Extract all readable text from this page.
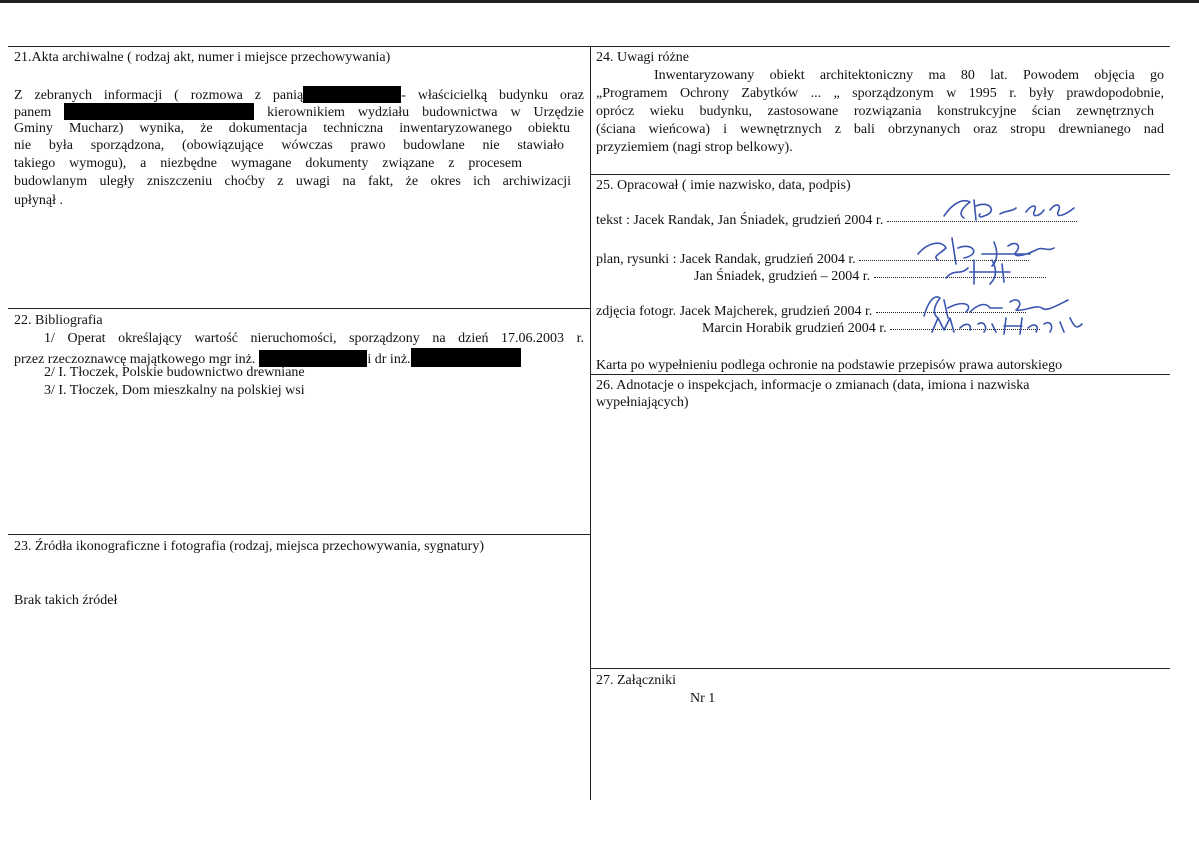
21.Akta archiwalne ( rodzaj akt, numer i miejsce przechowywania)
Z zebranych informacji ( rozmowa z panią	- właścicielką budynku oraz
panem	kierownikiem wydziału budownictwa w Urzędzie
Gminy Mucharz) wynika, że dokumentacja techniczna inwentaryzowanego obiektu
nie była sporządzona, (obowiązujące wówczas prawo budowlane nie stawiało
takiego wymogu), a niezbędne wymagane dokumenty związane z procesem
budowlanym uległy zniszczeniu choćby z uwagi na fakt, że okres ich archiwizacji
upłynął .
22. Bibliografia
1/ Operat określający wartość nieruchomości, sporządzony na dzień 17.06.2003 r.
przez rzeczoznawcę majątkowego mgr inż.	i dr inż.
2/ I. Tłoczek, Polskie budownictwo drewniane
3/ I. Tłoczek, Dom mieszkalny na polskiej wsi
23. Źródła ikonograficzne i fotografia (rodzaj, miejsca przechowywania, sygnatury)
Brak takich źródeł
24. Uwagi różne
Inwentaryzowany obiekt architektoniczny ma 80 lat. Powodem objęcia go
„Programem Ochrony Zabytków ... „ sporządzonym w 1995 r. były prawdopodobnie,
oprócz wieku budynku, zastosowane rozwiązania konstrukcyjne ścian zewnętrznych
(ściana wieńcowa) i wewnętrznych z bali obrzynanych oraz stropu drewnianego nad
przyziemiem (nagi strop belkowy).
25. Opracował ( imie nazwisko, data, podpis)
tekst : Jacek Randak, Jan Śniadek, grudzień 2004 r.
plan, rysunki : Jacek Randak, grudzień 2004 r.
Jan Śniadek, grudzień – 2004 r.
zdjęcia fotogr. Jacek Majcherek, grudzień 2004 r.
Marcin Horabik grudzień 2004 r.
Karta po wypełnieniu podlega ochronie na podstawie przepisów prawa autorskiego
26. Adnotacje o inspekcjach, informacje o zmianach (data, imiona i nazwiska
wypełniających)
27. Załączniki
Nr 1
